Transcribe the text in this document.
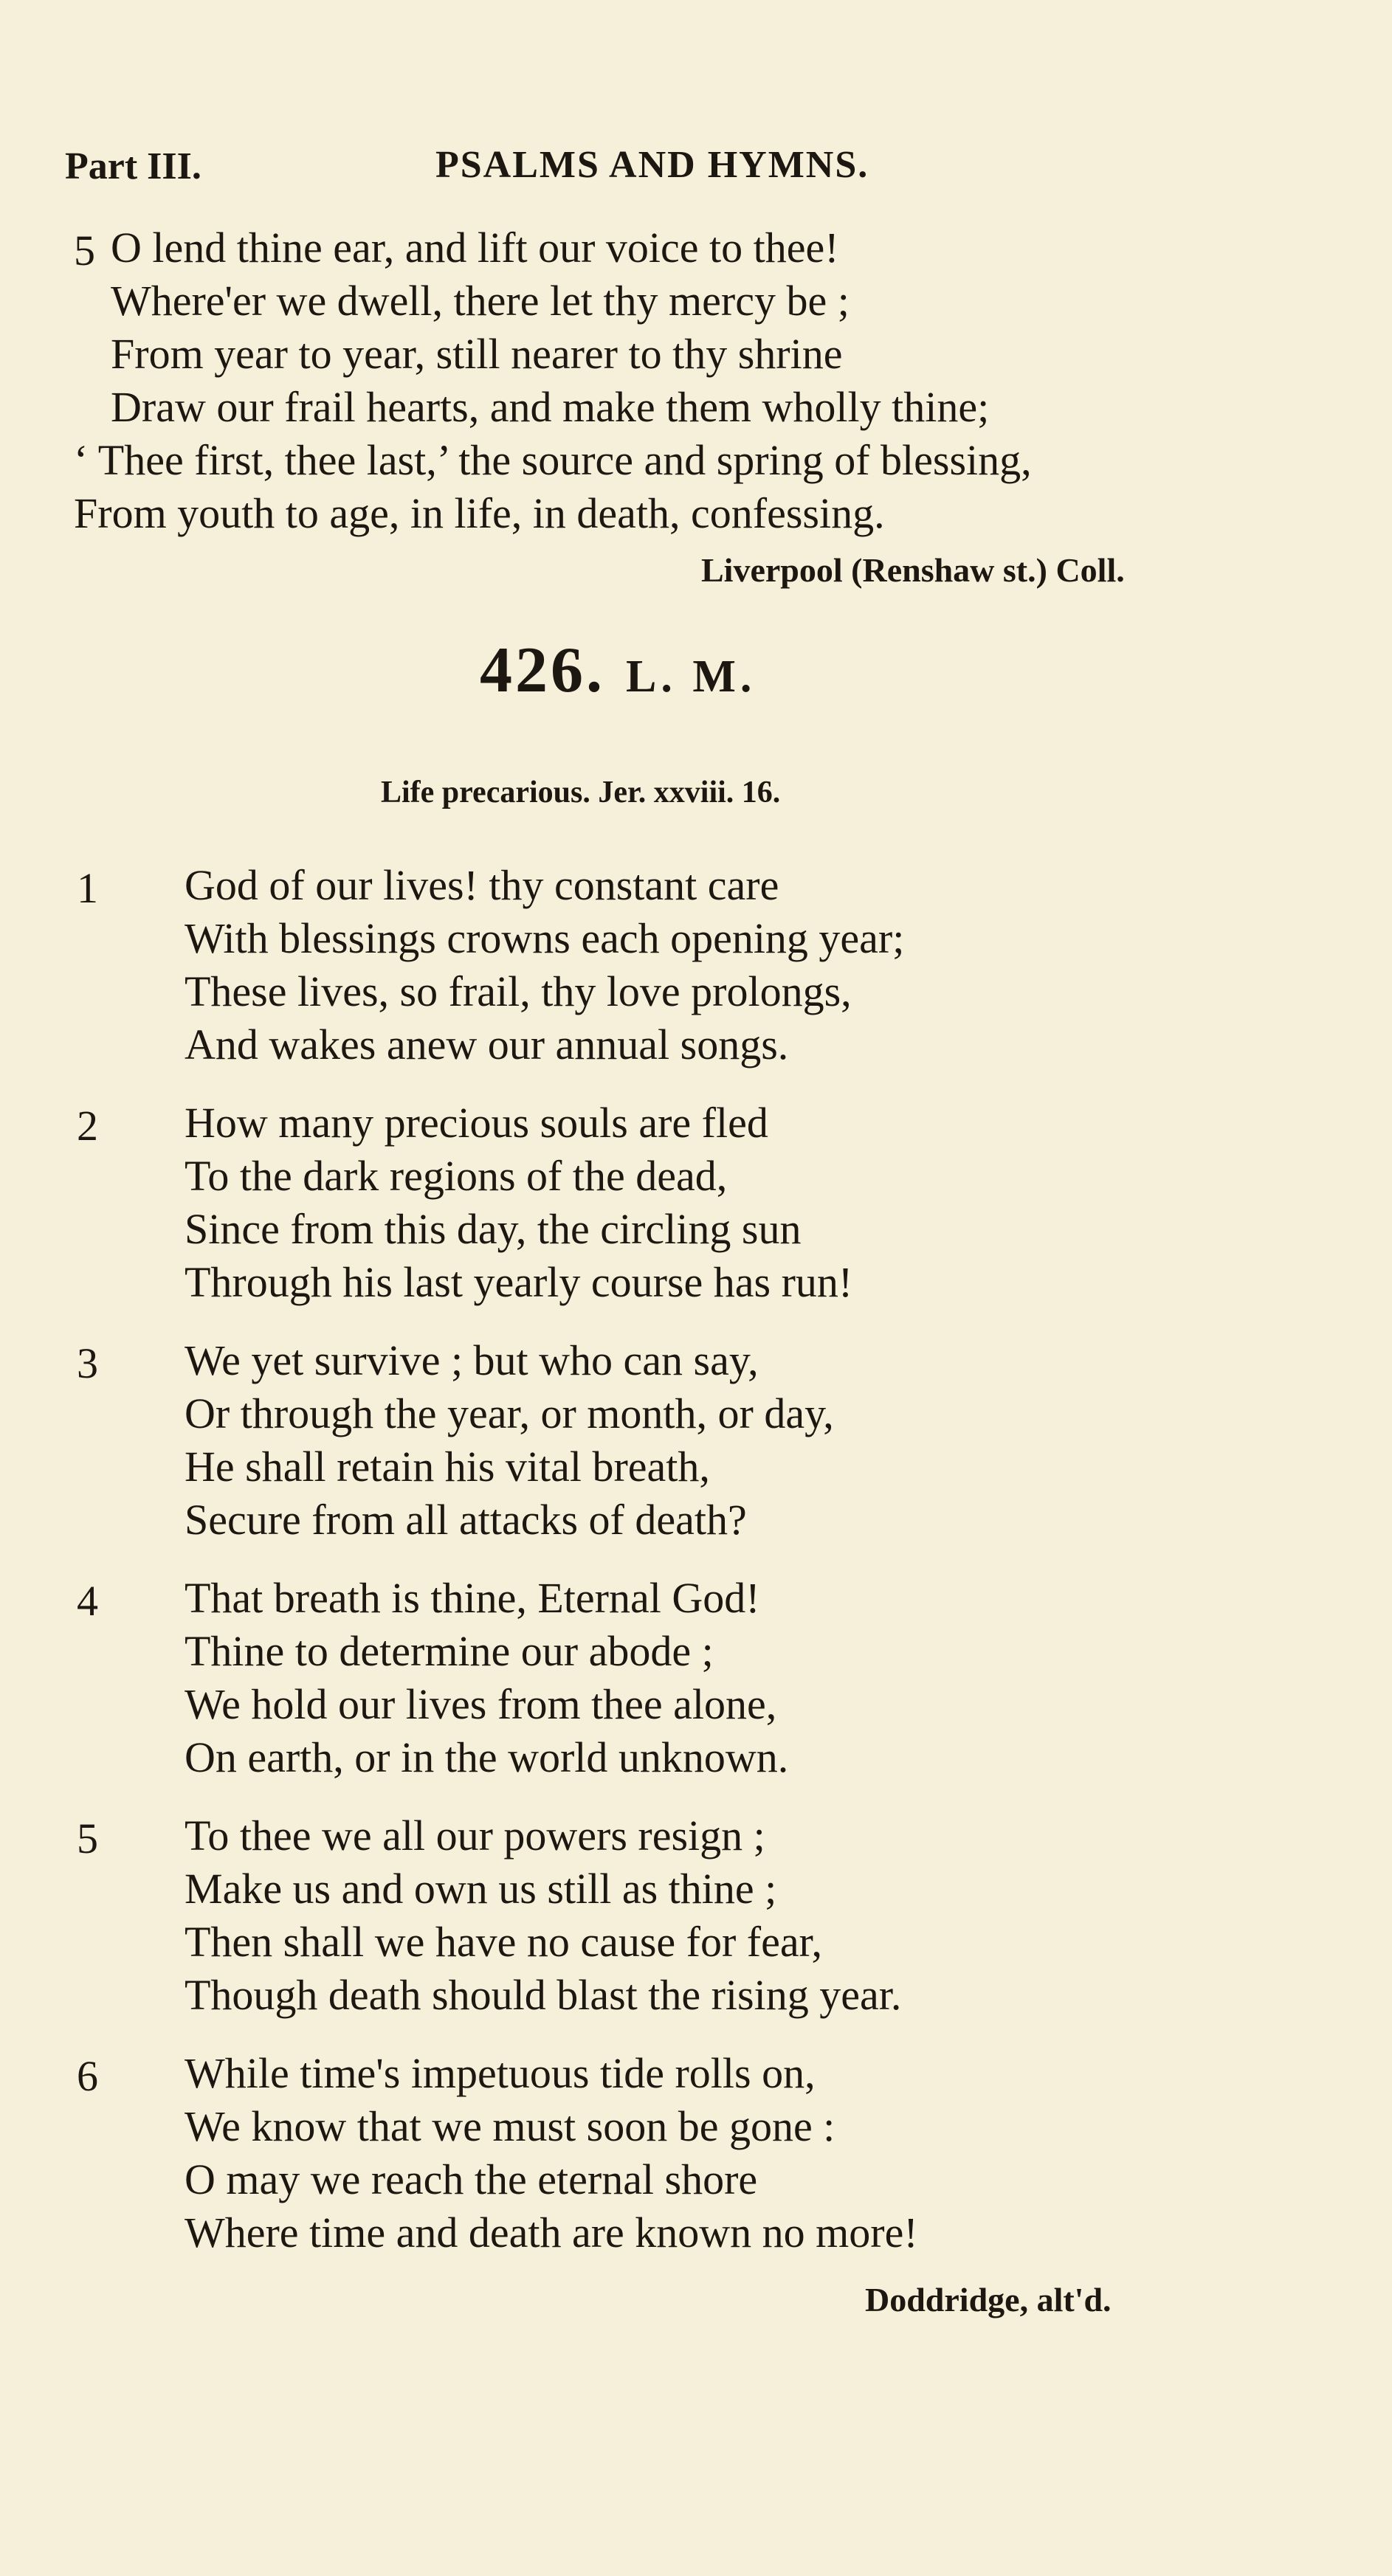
Part III.	PSALMS AND HYMNS.
5 O lend thine ear, and lift our voice to thee!
Where'er we dwell, there let thy mercy be ;
From year to year, still nearer to thy shrine
Draw our frail hearts, and make them wholly thine;
‘ Thee first, thee last,’ the source and spring of blessing,
From youth to age, in life, in death, confessing.
Liverpool (Renshaw st.) Coll.
426. L. M.
Life precarious. Jer. xxviii. 16.
1 God of our lives! thy constant care
With blessings crowns each opening year;
These lives, so frail, thy love prolongs,
And wakes anew our annual songs.
2 How many precious souls are fled
To the dark regions of the dead,
Since from this day, the circling sun
Through his last yearly course has run!
3 We yet survive ; but who can say,
Or through the year, or month, or day,
He shall retain his vital breath,
Secure from all attacks of death?
4 That breath is thine, Eternal God!
Thine to determine our abode ;
We hold our lives from thee alone,
On earth, or in the world unknown.
5 To thee we all our powers resign ;
Make us and own us still as thine ;
Then shall we have no cause for fear,
Though death should blast the rising year.
6 While time's impetuous tide rolls on,
We know that we must soon be gone :
O may we reach the eternal shore
Where time and death are known no more!
Doddridge, alt'd.
